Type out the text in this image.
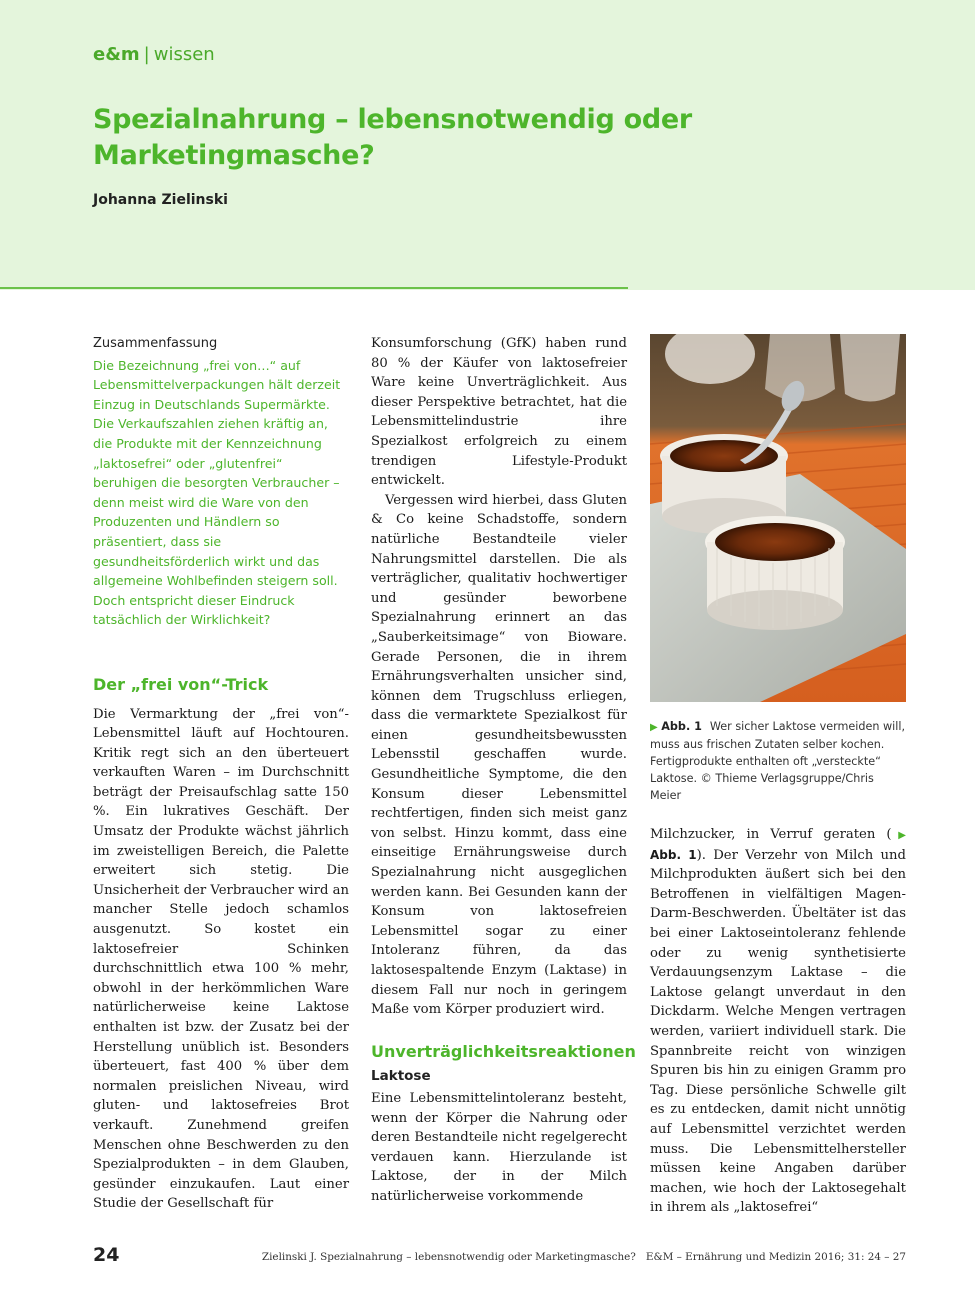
e&m | wissen
Spezialnahrung – lebensnotwendig oder Marketingmasche?
Johanna Zielinski

Zusammenfassung

Die Bezeichnung „frei von…“ auf Lebensmittelverpackungen hält derzeit Einzug in Deutschlands Supermärkte. Die Verkaufszahlen ziehen kräftig an, die Produkte mit der Kennzeichnung „laktosefrei“ oder „glutenfrei“ beruhigen die besorgten Verbraucher – denn meist wird die Ware von den Produzenten und Händlern so präsentiert, dass sie gesundheitsförderlich wirkt und das allgemeine Wohlbefinden steigern soll. Doch entspricht dieser Eindruck tatsächlich der Wirklichkeit?

Der „frei von“-Trick

Die Vermarktung der „frei von“-Lebensmittel läuft auf Hochtouren. Kritik regt sich an den überteuert verkauften Waren – im Durchschnitt beträgt der Preisaufschlag satte 150 %. Ein lukratives Geschäft. Der Umsatz der Produkte wächst jährlich im zweistelligen Bereich, die Palette erweitert	sich	stetig.	Die Unsicherheit der Verbraucher wird an mancher Stelle jedoch schamlos ausgenutzt.	So	kostet	ein laktosefreier	Schinken durchschnittlich etwa 100 % mehr, obwohl in der herkömmlichen Ware natürlicherweise keine Laktose enthalten ist bzw. der Zusatz bei der Herstellung unüblich ist. Besonders überteuert, fast 400 % über dem normalen preislichen Niveau, wird gluten- und laktosefreies Brot verkauft.	Zunehmend	greifen Menschen ohne Beschwerden zu den Spezialprodukten – in dem Glauben, gesünder einzukaufen. Laut einer Studie der Gesellschaft für

Konsumforschung (GfK) haben rund 80 % der Käufer von laktosefreier Ware keine Unverträglichkeit. Aus dieser Perspektive betrachtet, hat die Lebensmittelindustrie	ihre Spezialkost erfolgreich zu einem trendigen	Lifestyle-Produkt entwickelt.

Vergessen wird hierbei, dass Gluten & Co keine Schadstoffe, sondern natürliche Bestandteile vieler Nahrungsmittel darstellen. Die als verträglicher, qualitativ hochwertiger und	gesünder	beworbene Spezialnahrung erinnert an das „Sauberkeitsimage“ von Bioware. Gerade Personen, die in ihrem Ernährungsverhalten unsicher sind, können dem Trugschluss erliegen, dass die vermarktete Spezialkost für einen	gesundheitsbewussten Lebensstil	geschaffen	wurde. Gesundheitliche Symptome, die den Konsum	dieser	Lebensmittel rechtfertigen, finden sich meist ganz von selbst. Hinzu kommt, dass eine einseitige Ernährungsweise durch Spezialnahrung nicht ausgeglichen werden kann. Bei Gesunden kann der Konsum	von	laktosefreien Lebensmittel sogar zu einer Intoleranz	führen,	da	das laktosespaltende Enzym (Laktase) in diesem Fall nur noch in geringem Maße vom Körper produziert wird.

Unverträglichkeitsreaktionen

Laktose

Eine Lebensmittelintoleranz besteht, wenn der Körper die Nahrung oder deren Bestandteile nicht regelgerecht verdauen kann. Hierzulande ist Laktose, der in der Milch natürlicherweise vorkommende

▶ Abb. 1 Wer sicher Laktose vermeiden will, muss aus frischen Zutaten selber kochen. Fertigprodukte enthalten oft „versteckte“ Laktose. © Thieme Verlagsgruppe/Chris Meier

Milchzucker, in Verruf geraten (▶ Abb. 1). Der Verzehr von Milch und Milchprodukten äußert sich bei den Betroffenen in vielfältigen Magen-Darm-Beschwerden. Übeltäter ist das bei einer Laktoseintoleranz fehlende oder zu wenig synthetisierte Verdauungsenzym Laktase – die Laktose gelangt unverdaut in den Dickdarm. Welche Mengen vertragen werden, variiert individuell stark. Die Spannbreite reicht von winzigen Spuren bis hin zu einigen Gramm pro Tag. Diese persönliche Schwelle gilt es zu entdecken, damit nicht unnötig auf Lebensmittel verzichtet werden muss. Die Lebensmittelhersteller müssen keine Angaben darüber machen, wie hoch der Laktosegehalt in ihrem als „laktosefrei“

24	Zielinski J. Spezialnahrung – lebensnotwendig oder Marketingmasche? E&M – Ernährung und Medizin 2016; 31: 24 – 27
